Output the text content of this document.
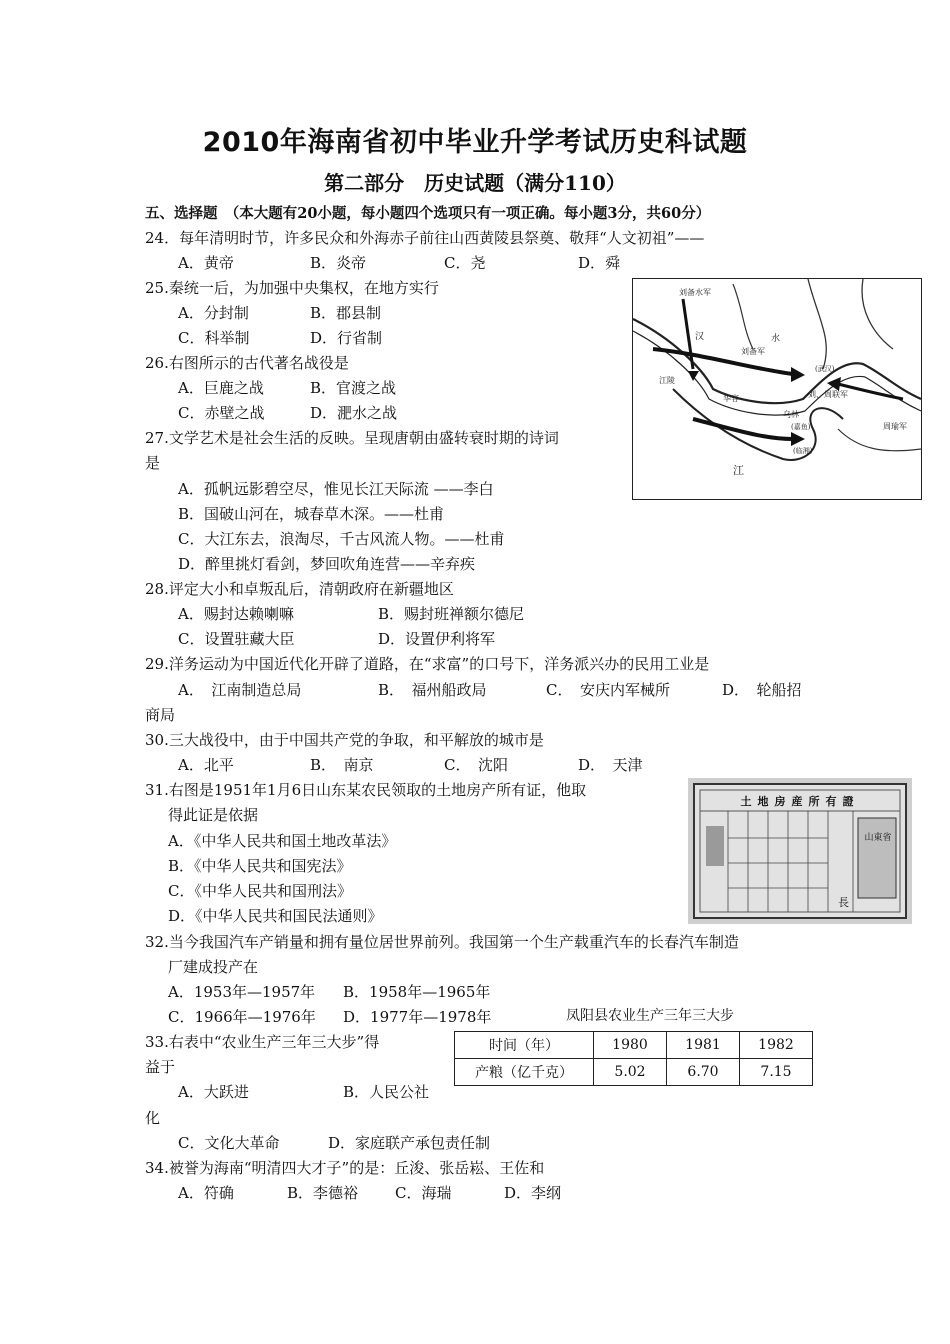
2010年海南省初中毕业升学考试历史科试题
第二部分　历史试题（满分110）
五、选择题　（本大题有20小题，每小题四个选项只有一项正确。每小题3分，共60分）
24．每年清明时节，许多民众和外海赤子前往山西黄陵县祭奠、敬拜“人文初祖”——
A．黄帝	B．炎帝	C．尧	D．舜
25.秦统一后，为加强中央集权，在地方实行
A．分封制	B．郡县制
C．科举制	D．行省制
26.右图所示的古代著名战役是
A．巨鹿之战	B．官渡之战
C．赤壁之战	D．淝水之战
27.文学艺术是社会生活的反映。呈现唐朝由盛转衰时期的诗词
是
A．孤帆远影碧空尽，惟见长江天际流 ——李白
B．国破山河在，城春草木深。——杜甫
C．大江东去，浪淘尽，千古风流人物。——杜甫
D．醉里挑灯看剑，梦回吹角连营——辛弃疾
28.评定大小和卓叛乱后，清朝政府在新疆地区
A．赐封达赖喇嘛	B．赐封班禅额尔德尼
C．设置驻藏大臣	D．设置伊利将军
29.洋务运动为中国近代化开辟了道路，在“求富”的口号下，洋务派兴办的民用工业是
A．　江南制造总局	B．　福州船政局	C．　安庆内军械所	D．　轮船招
商局
30.三大战役中，由于中国共产党的争取，和平解放的城市是
A．北平	B．　南京	C．　沈阳	D．　天津
31.右图是1951年1月6日山东某农民领取的土地房产所有证，他取
得此证是依据
A．《中华人民共和国土地改革法》
B．《中华人民共和国宪法》
C．《中华人民共和国刑法》
D．《中华人民共和国民法通则》
32.当今我国汽车产销量和拥有量位居世界前列。我国第一个生产载重汽车的长春汽车制造
厂建成投产在
A．1953年—1957年 B．1958年—1965年
C．1966年—1976年 D．1977年—1978年
33.右表中“农业生产三年三大步”得
益于
A．大跃进	B．人民公社
化
C．文化大革命	D．家庭联产承包责任制
34.被誉为海南“明清四大才子”的是：丘浚、张岳崧、王佐和
A．符确	B．李德裕 C．海瑞	D．李纲
刘备水军
刘备军
周瑜军
刘、周联军
江陵
乌林
华容
(武汉)
(嘉鱼)
江
水
汉
(临湘)
土地房産所有證
山東省
長
凤阳县农业生产三年三大步
时间（年）	1980	1981	1982
产粮（亿千克）	5.02	6.70	7.15
